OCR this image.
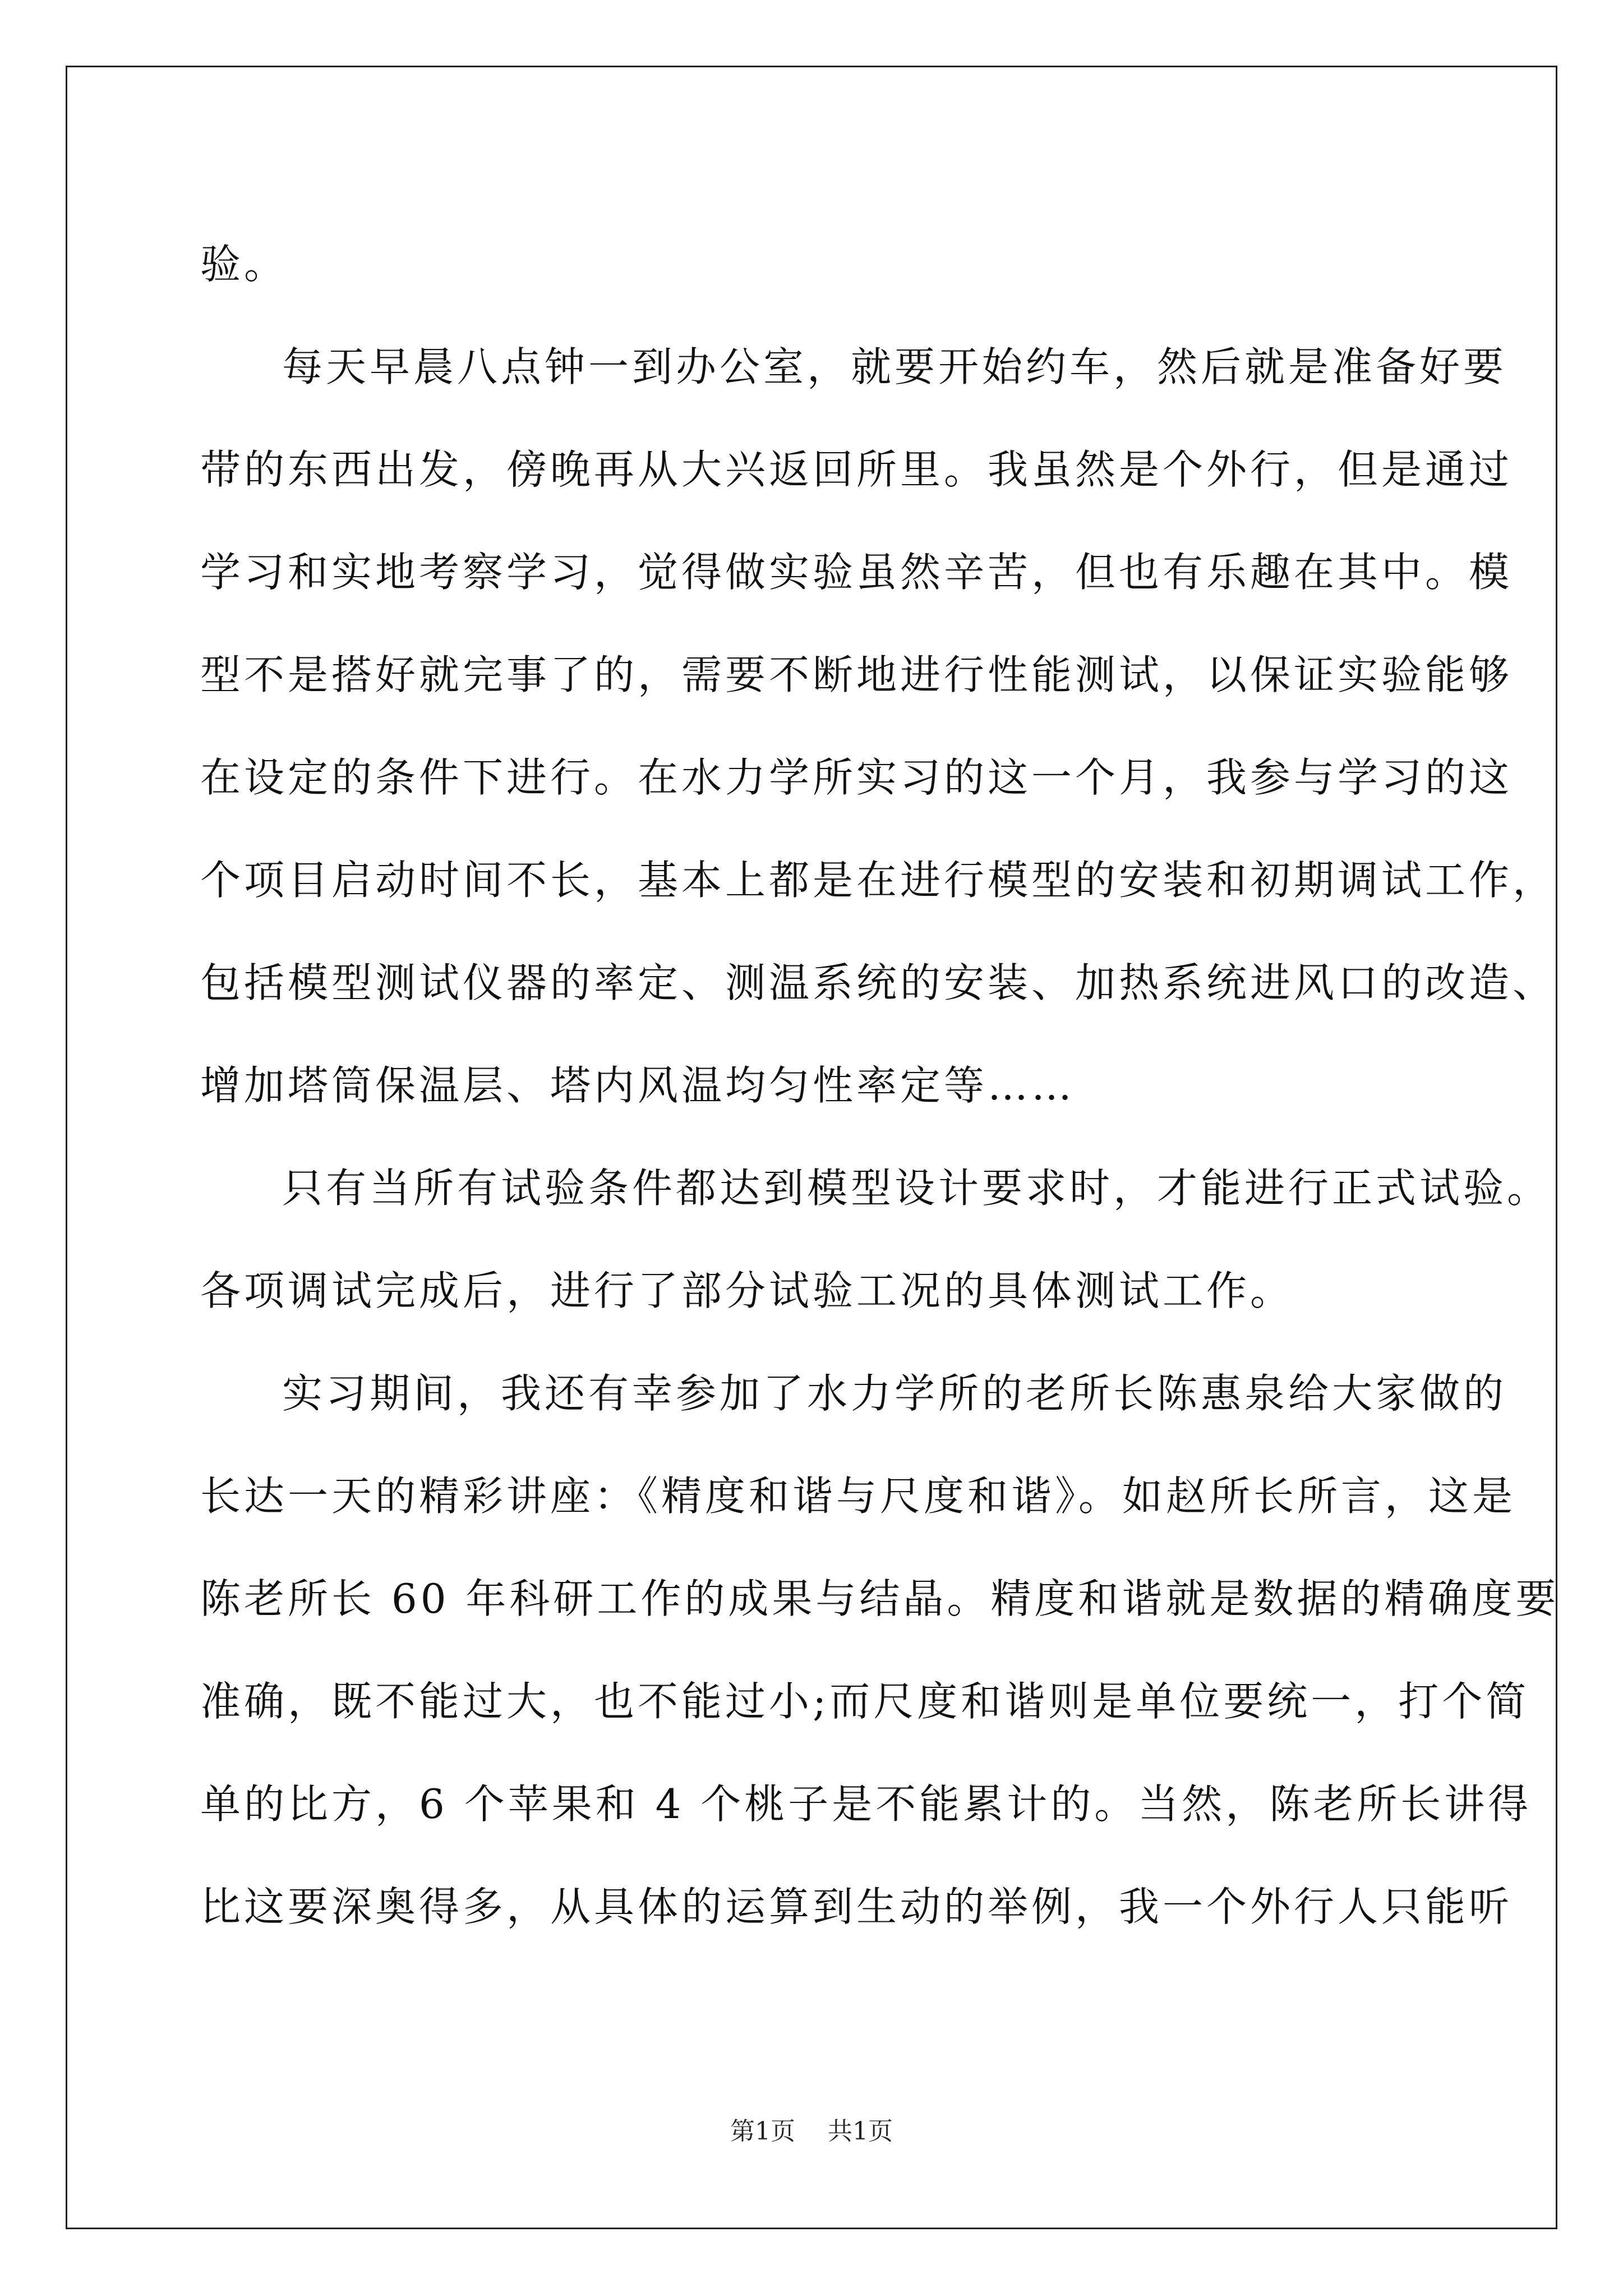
验。
每天早晨八点钟一到办公室，就要开始约车，然后就是准备好要
带的东西出发，傍晚再从大兴返回所里。我虽然是个外行，但是通过
学习和实地考察学习，觉得做实验虽然辛苦，但也有乐趣在其中。模
型不是搭好就完事了的，需要不断地进行性能测试，以保证实验能够
在设定的条件下进行。在水力学所实习的这一个月，我参与学习的这
个项目启动时间不长，基本上都是在进行模型的安装和初期调试工作，
包括模型测试仪器的率定、测温系统的安装、加热系统进风口的改造、
增加塔筒保温层、塔内风温均匀性率定等……
只有当所有试验条件都达到模型设计要求时，才能进行正式试验。
各项调试完成后，进行了部分试验工况的具体测试工作。
实习期间，我还有幸参加了水力学所的老所长陈惠泉给大家做的
长达一天的精彩讲座：《精度和谐与尺度和谐》。如赵所长所言，这是
陈老所长 60 年科研工作的成果与结晶。精度和谐就是数据的精确度要
准确，既不能过大，也不能过小;而尺度和谐则是单位要统一，打个简
单的比方，6 个苹果和 4 个桃子是不能累计的。当然，陈老所长讲得
比这要深奥得多，从具体的运算到生动的举例，我一个外行人只能听
第1页 共1页
